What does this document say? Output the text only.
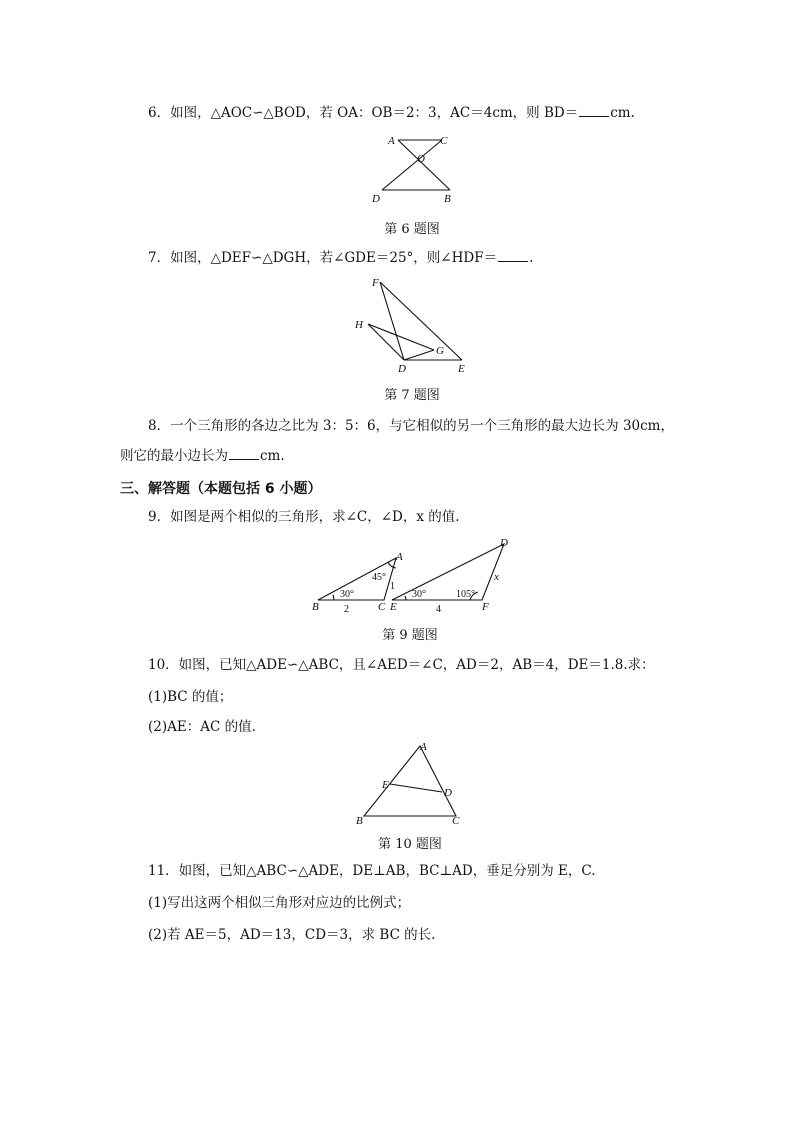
6．如图，△AOC∽△BOD，若 OA：OB＝2：3，AC＝4cm，则 BD＝ cm.
A	C
O
D	B
第 6 题图
7．如图，△DEF∽△DGH，若∠GDE＝25°，则∠HDF＝ .
F
H
G
D	E
第 7 题图
8．一个三角形的各边之比为 3：5：6，与它相似的另一个三角形的最大边长为 30cm，
则它的最小边长为 cm.
三、解答题（本题包括 6 小题）
9．如图是两个相似的三角形，求∠C，∠D，x 的值.
A
B	C
D
E	F
x
45°
30°
1
2
30°	105°
4
第 9 题图
10．如图，已知△ADE∽△ABC，且∠AED＝∠C，AD＝2，AB＝4，DE＝1.8.求：
(1)BC 的值；
(2)AE：AC 的值.
A
E
D
B	C
第 10 题图
11．如图，已知△ABC∽△ADE，DE⊥AB，BC⊥AD，垂足分别为 E，C.
(1)写出这两个相似三角形对应边的比例式；
(2)若 AE＝5，AD＝13，CD＝3，求 BC 的长.
